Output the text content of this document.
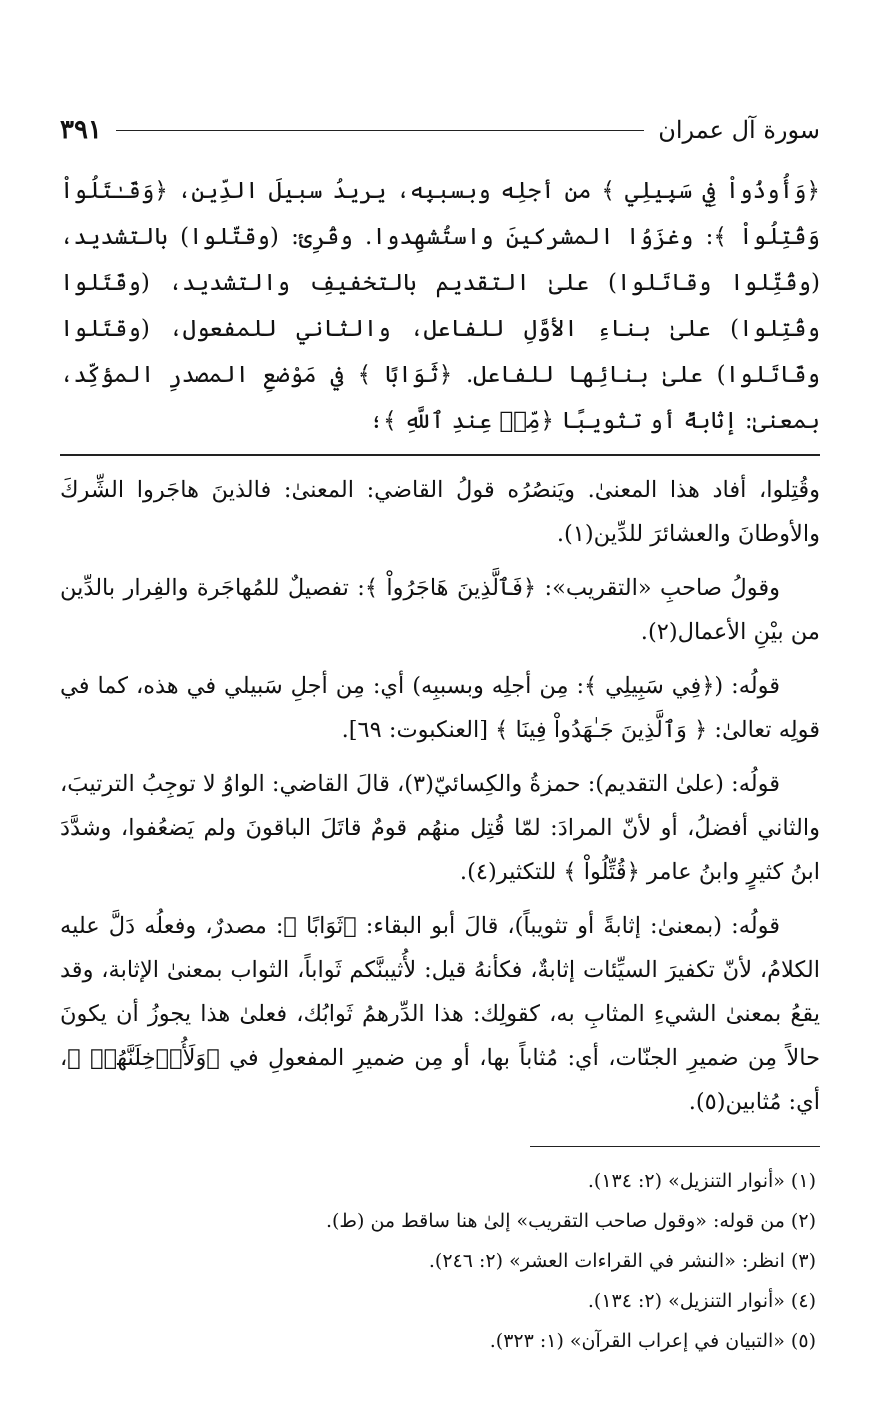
سورة آل عمران
٣٩١
﴿وَأُوذُواْ فِي سَبِيلِي ﴾ من أجلِه وبسببِه، يريدُ سبيلَ الدِّين، ﴿وَقَـٰتَلُواْ وَقُتِلُواْ ﴾: وغزَوُا المشركينَ واستُشهِدوا. وقُرِئ: (وقتّلوا) بالتشديد، (وقُتِّلوا وقاتَلوا) علىٰ التقديم بالتخفيفِ والتشديد، (وقَتَلوا وقُتِلوا) علىٰ بناءِ الأوَّلِ للفاعل، والثاني للمفعول، (وقتَلوا وقَاتَلوا) علىٰ بنائِها للفاعل. ﴿ثَوَابًا ﴾ في مَوْضعِ المصدرِ المؤكِّد، بمعنىٰ: إثابةً أو تثويبًا ﴿مِّنۡ عِندِ ٱللَّهِ ﴾؛

وقُتِلوا، أفاد هذا المعنىٰ. ويَنصُرُه قولُ القاضي: المعنىٰ: فالذينَ هاجَروا الشِّركَ والأوطانَ والعشائرَ للدِّين(١).

وقولُ صاحبِ «التقريب»: ﴿فَٱلَّذِينَ هَاجَرُواْ ﴾: تفصيلٌ للمُهاجَرة والفِرار بالدِّين من بيْنِ الأعمال(٢).

قولُه: (﴿فِي سَبِيلِي ﴾: مِن أجلِه وبسببِه) أي: مِن أجلِ سَبيلي في هذه، كما في قولِه تعالىٰ: ﴿ وَٱلَّذِينَ جَـٰهَدُواْ فِينَا ﴾ [العنكبوت: ٦٩].

قولُه: (علىٰ التقديم): حمزةُ والكِسائيّ(٣)، قالَ القاضي: الواوُ لا توجِبُ الترتيبَ، والثاني أفضلُ، أو لأنّ المرادَ: لمّا قُتِل منهُم قومٌ قاتَلَ الباقونَ ولم يَضعُفوا، وشدَّدَ ابنُ كثيرٍ وابنُ عامر ﴿قُتِّلُواْ ﴾ للتكثير(٤).

قولُه: (بمعنىٰ: إثابةً أو تثويباً)، قالَ أبو البقاء: ﴿ثَوَابًا ﴾: مصدرٌ، وفعلُه دَلَّ عليه الكلامُ، لأنّ تكفيرَ السيِّئات إثابةٌ، فكأنهُ قيل: لأُثيبنَّكم ثَواباً، الثواب بمعنىٰ الإثابة، وقد يقعُ بمعنىٰ الشيءِ المثابِ به، كقولِك: هذا الدِّرهمُ ثَوابُك، فعلىٰ هذا يجوزُ أن يكونَ حالاً مِن ضميرِ الجنّات، أي: مُثاباً بها، أو مِن ضميرِ المفعولِ في ﴿وَلَأُدۡخِلَنَّهُمۡ ﴾، أي: مُثابين(٥).

(١) «أنوار التنزيل» (٢: ١٣٤).
(٢) من قوله: «وقول صاحب التقريب» إلىٰ هنا ساقط من (ط).
(٣) انظر: «النشر في القراءات العشر» (٢: ٢٤٦).
(٤) «أنوار التنزيل» (٢: ١٣٤).
(٥) «التبيان في إعراب القرآن» (١: ٣٢٣).
